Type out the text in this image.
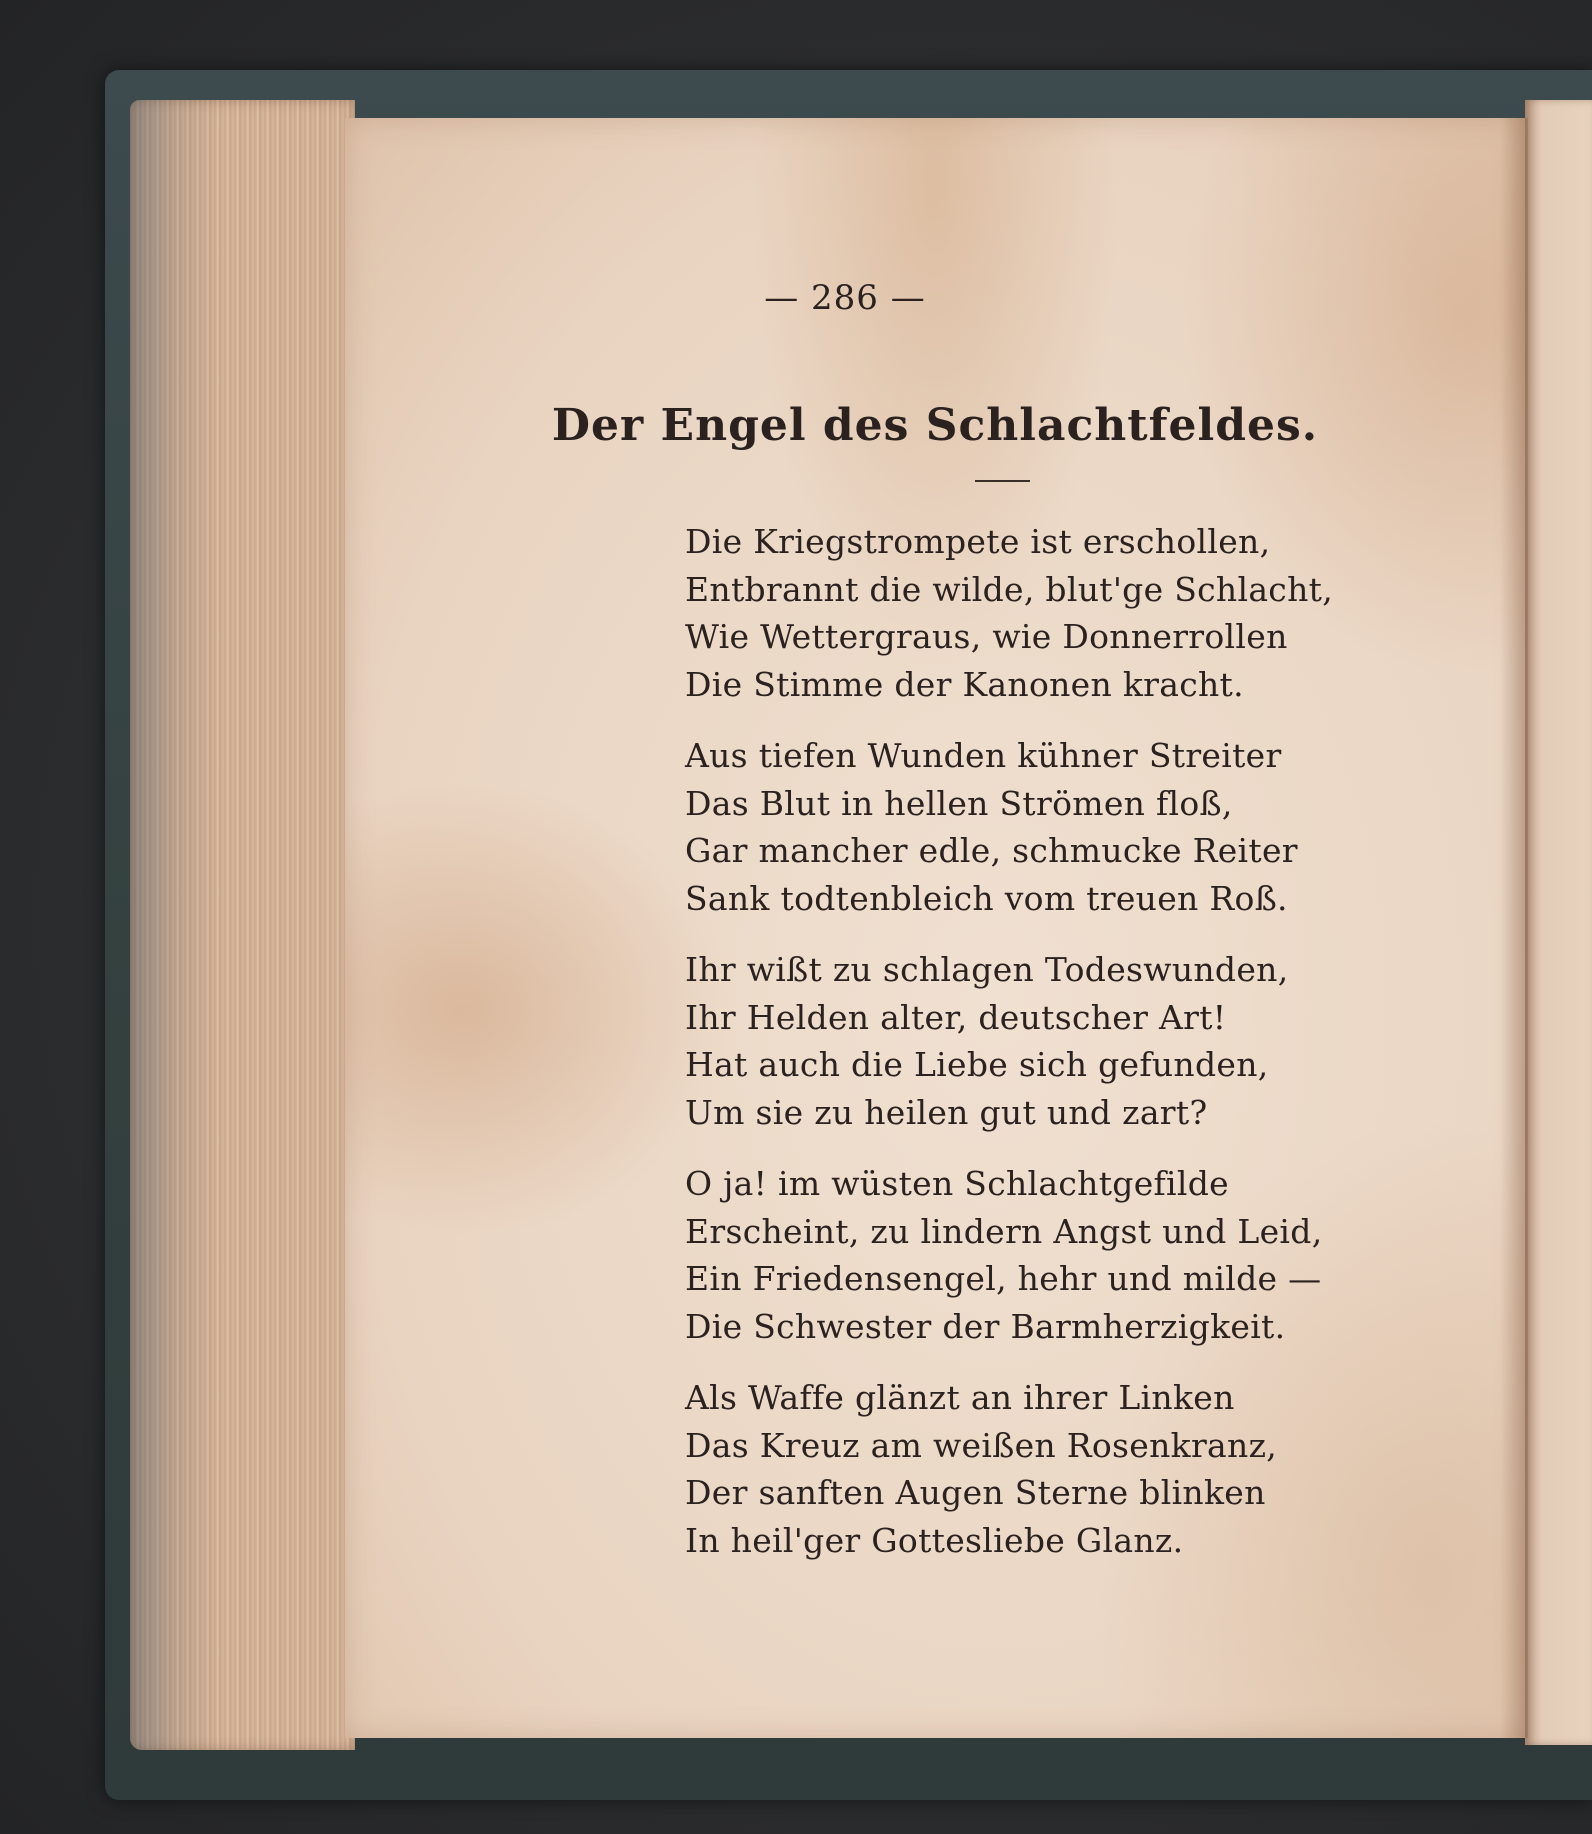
— 286 —
Der Engel des Schlachtfeldes.
Die Kriegstrompete ist erschollen,
Entbrannt die wilde, blut'ge Schlacht,
Wie Wettergraus, wie Donnerrollen
Die Stimme der Kanonen kracht.
Aus tiefen Wunden kühner Streiter
Das Blut in hellen Strömen floß,
Gar mancher edle, schmucke Reiter
Sank todtenbleich vom treuen Roß.
Ihr wißt zu schlagen Todeswunden,
Ihr Helden alter, deutscher Art!
Hat auch die Liebe sich gefunden,
Um sie zu heilen gut und zart?
O ja! im wüsten Schlachtgefilde
Erscheint, zu lindern Angst und Leid,
Ein Friedensengel, hehr und milde —
Die Schwester der Barmherzigkeit.
Als Waffe glänzt an ihrer Linken
Das Kreuz am weißen Rosenkranz,
Der sanften Augen Sterne blinken
In heil'ger Gottesliebe Glanz.
